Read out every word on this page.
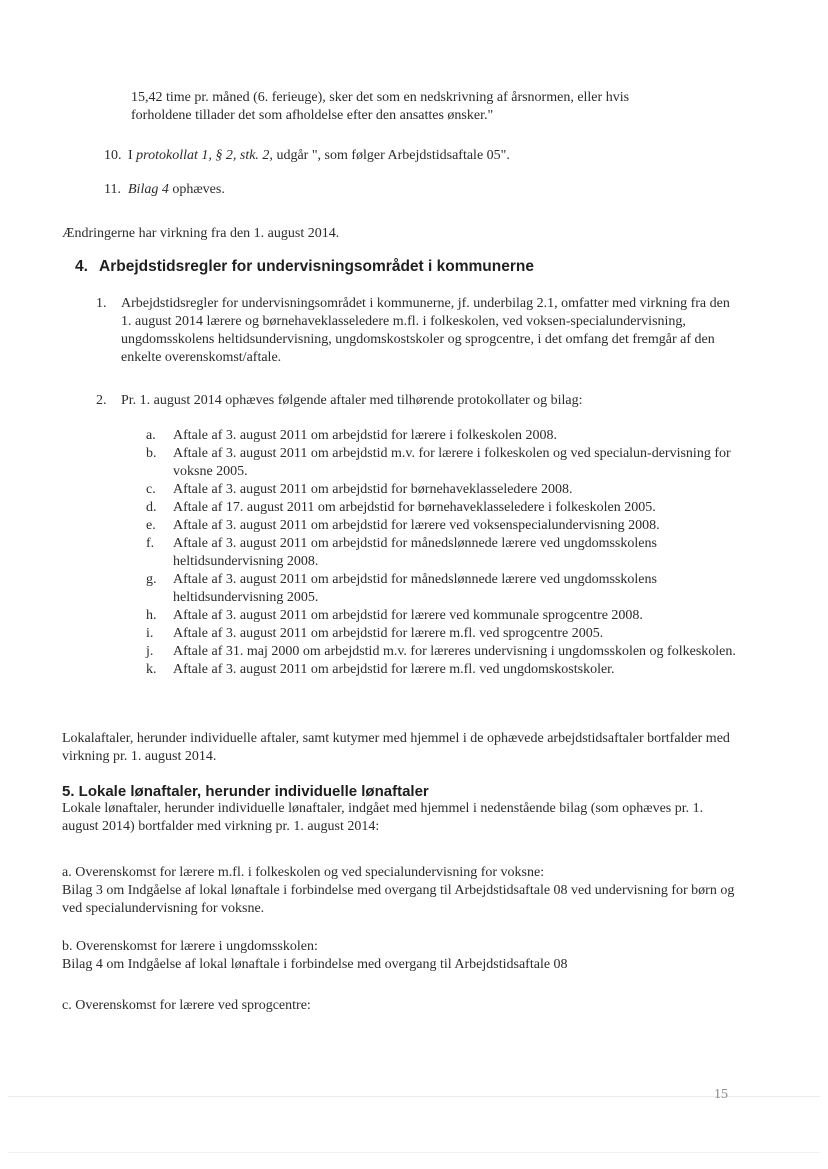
15,42 time pr. måned (6. ferieuge), sker det som en nedskrivning af årsnormen, eller hvis

forholdene tillader det som afholdelse efter den ansattes ønsker."

10. I protokollat 1, § 2, stk. 2, udgår ", som følger Arbejdstidsaftale 05".
11. Bilag 4 ophæves.

Ændringerne har virkning fra den 1. august 2014.

4. Arbejdstidsregler for undervisningsområdet i kommunerne
1.	Arbejdstidsregler for undervisningsområdet i kommunerne, jf. underbilag 2.1, omfatter med virkning fra den 1. august 2014 lærere og børnehaveklasseledere m.fl. i folkeskolen, ved voksen-specialundervisning, ungdomsskolens heltidsundervisning, ungdomskostskoler og sprogcentre, i det omfang det fremgår af den enkelte overenskomst/aftale.
2.	Pr. 1. august 2014 ophæves følgende aftaler med tilhørende protokollater og bilag:
a.	Aftale af 3. august 2011 om arbejdstid for lærere i folkeskolen 2008.
b.	Aftale af 3. august 2011 om arbejdstid m.v. for lærere i folkeskolen og ved specialun-dervisning for voksne 2005.
c.	Aftale af 3. august 2011 om arbejdstid for børnehaveklasseledere 2008.
d.	Aftale af 17. august 2011 om arbejdstid for børnehaveklasseledere i folkeskolen 2005.
e.	Aftale af 3. august 2011 om arbejdstid for lærere ved voksenspecialundervisning 2008.
f.	Aftale af 3. august 2011 om arbejdstid for månedslønnede lærere ved ungdomsskolens heltidsundervisning 2008.
g.	Aftale af 3. august 2011 om arbejdstid for månedslønnede lærere ved ungdomsskolens heltidsundervisning 2005.
h.	Aftale af 3. august 2011 om arbejdstid for lærere ved kommunale sprogcentre 2008.
i.	Aftale af 3. august 2011 om arbejdstid for lærere m.fl. ved sprogcentre 2005.
j.	Aftale af 31. maj 2000 om arbejdstid m.v. for læreres undervisning i ungdomsskolen og folkeskolen.
k.	Aftale af 3. august 2011 om arbejdstid for lærere m.fl. ved ungdomskostskoler.

Lokalaftaler, herunder individuelle aftaler, samt kutymer med hjemmel i de ophævede arbejdstidsaftaler bortfalder med virkning pr. 1. august 2014.

5. Lokale lønaftaler, herunder individuelle lønaftaler

Lokale lønaftaler, herunder individuelle lønaftaler, indgået med hjemmel i nedenstående bilag (som ophæves pr. 1. august 2014) bortfalder med virkning pr. 1. august 2014:

a. Overenskomst for lærere m.fl. i folkeskolen og ved specialundervisning for voksne:

Bilag 3 om Indgåelse af lokal lønaftale i forbindelse med overgang til Arbejdstidsaftale 08 ved undervisning for børn og ved specialundervisning for voksne.

b. Overenskomst for lærere i ungdomsskolen:

Bilag 4 om Indgåelse af lokal lønaftale i forbindelse med overgang til Arbejdstidsaftale 08

c. Overenskomst for lærere ved sprogcentre:

15
